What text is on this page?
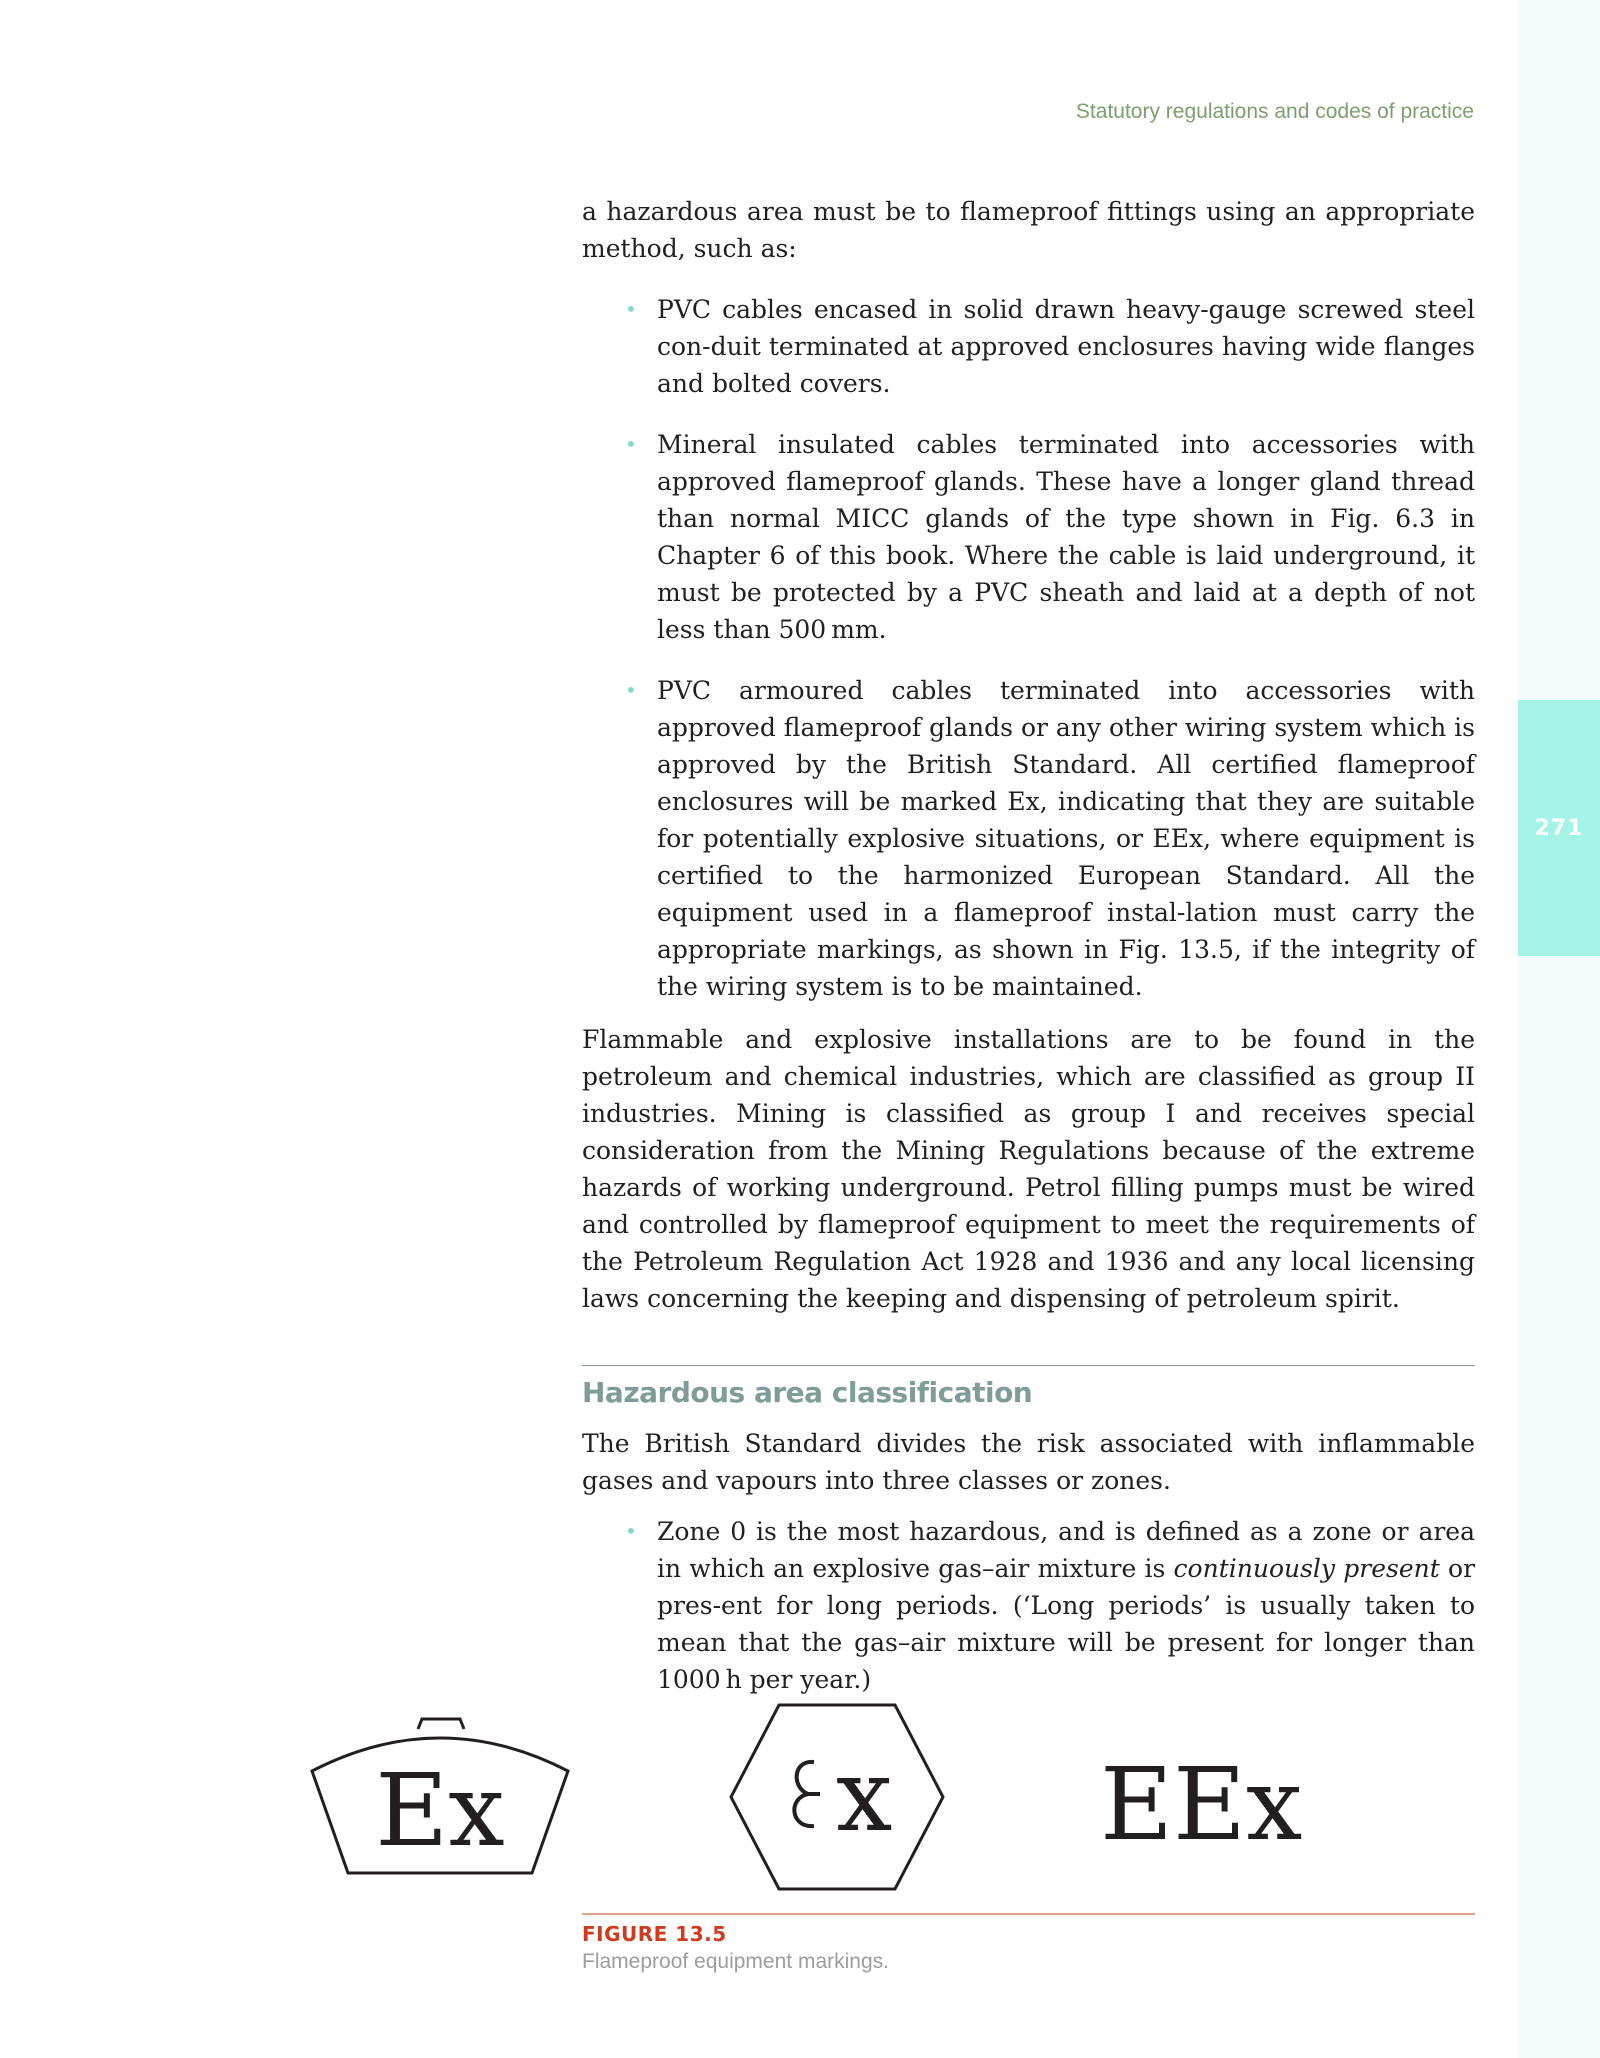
271
Statutory regulations and codes of practice

a hazardous area must be to flameproof fittings using an appropriate method, such as:

• PVC cables encased in solid drawn heavy-gauge screwed steel con-duit terminated at approved enclosures having wide flanges and bolted covers.
• Mineral insulated cables terminated into accessories with approved flameproof glands. These have a longer gland thread than normal MICC glands of the type shown in Fig. 6.3 in Chapter 6 of this book. Where the cable is laid underground, it must be protected by a PVC sheath and laid at a depth of not less than 500 mm.
• PVC armoured cables terminated into accessories with approved flameproof glands or any other wiring system which is approved by the British Standard. All certified flameproof enclosures will be marked Ex, indicating that they are suitable for potentially explosive situations, or EEx, where equipment is certified to the harmonized European Standard. All the equipment used in a flameproof instal-lation must carry the appropriate markings, as shown in Fig. 13.5, if the integrity of the wiring system is to be maintained.

Flammable and explosive installations are to be found in the petroleum and chemical industries, which are classified as group II industries. Mining is classified as group I and receives special consideration from the Mining Regulations because of the extreme hazards of working underground. Petrol filling pumps must be wired and controlled by flameproof equipment to meet the requirements of the Petroleum Regulation Act 1928 and 1936 and any local licensing laws concerning the keeping and dispensing of petroleum spirit.

Hazardous area classification

The British Standard divides the risk associated with inflammable gases and vapours into three classes or zones.

• Zone 0 is the most hazardous, and is defined as a zone or area in which an explosive gas–air mixture is continuously present or pres-ent for long periods. (‘Long periods’ is usually taken to mean that the gas–air mixture will be present for longer than 1000 h per year.)
Ex	x EEx
FIGURE 13.5
Flameproof equipment markings.
